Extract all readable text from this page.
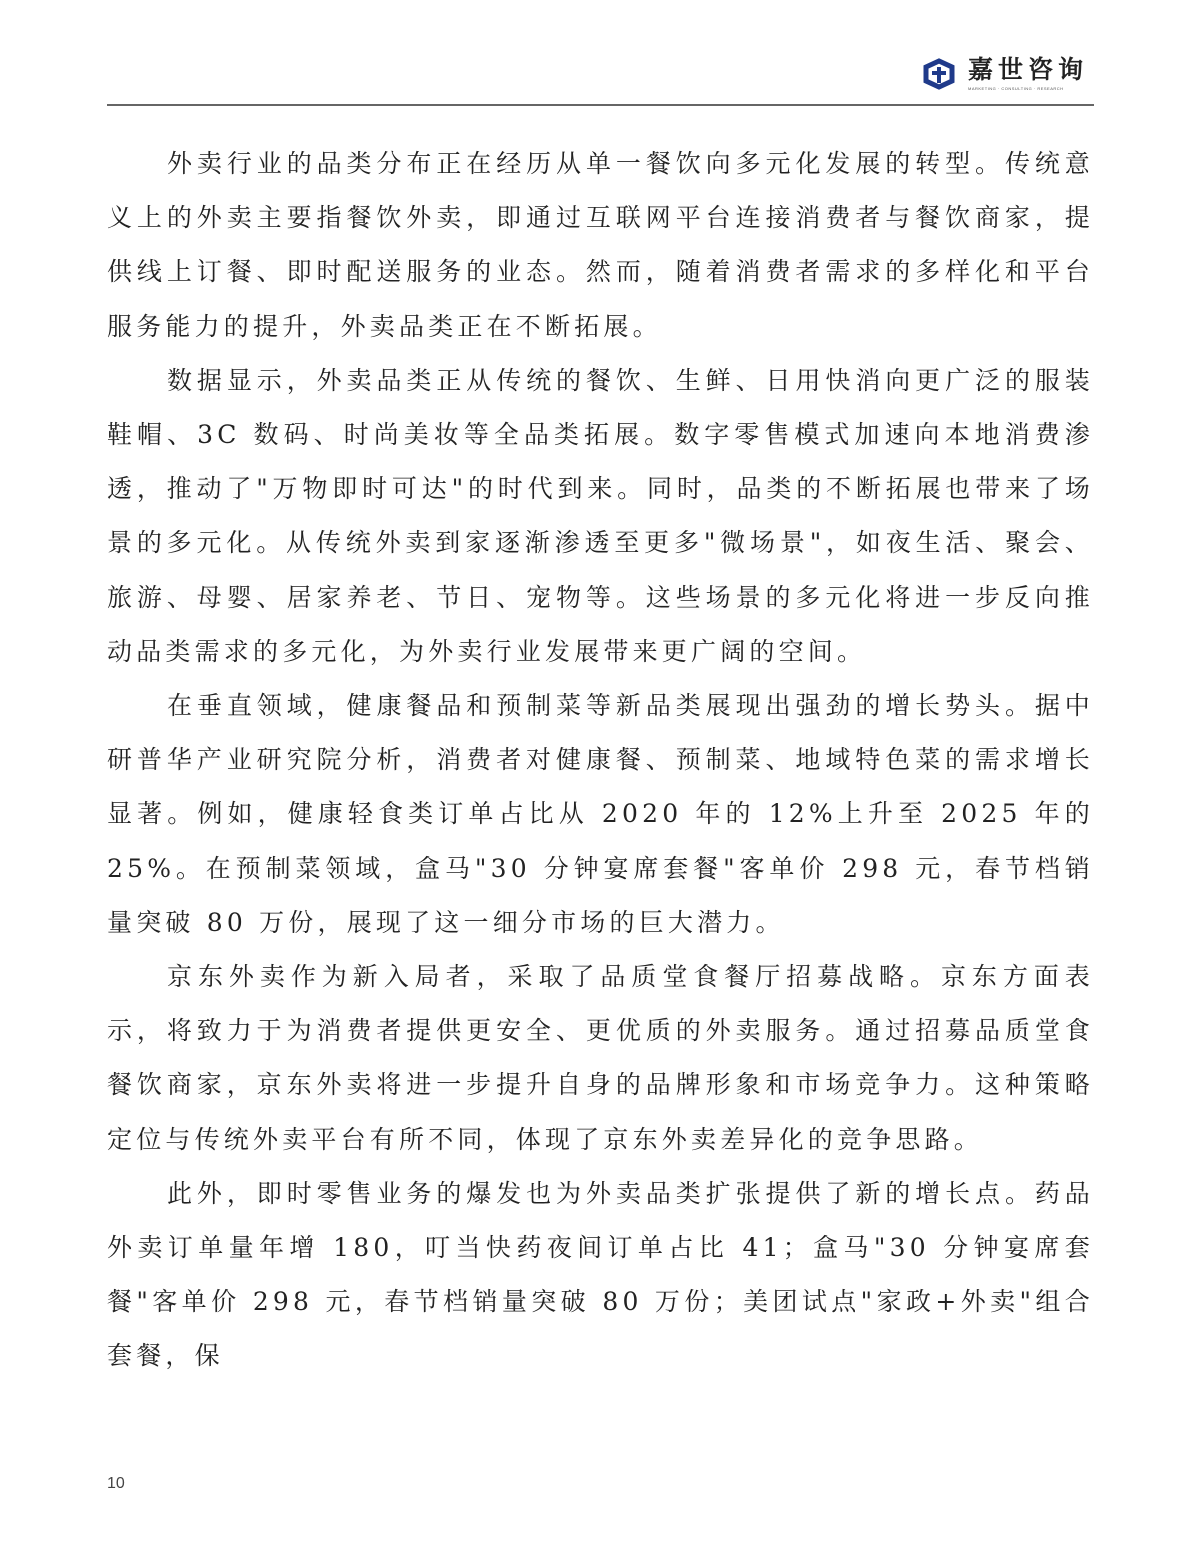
嘉世咨询
MARKETING · CONSULTING · RESEARCH

外卖行业的品类分布正在经历从单一餐饮向多元化发展的转型。传统意义上的外卖主要指餐饮外卖，即通过互联网平台连接消费者与餐饮商家，提供线上订餐、即时配送服务的业态。然而，随着消费者需求的多样化和平台服务能力的提升，外卖品类正在不断拓展。

数据显示，外卖品类正从传统的餐饮、生鲜、日用快消向更广泛的服装鞋帽、3C 数码、时尚美妆等全品类拓展。数字零售模式加速向本地消费渗透，推动了"万物即时可达"的时代到来。同时，品类的不断拓展也带来了场景的多元化。从传统外卖到家逐渐渗透至更多"微场景"，如夜生活、聚会、旅游、母婴、居家养老、节日、宠物等。这些场景的多元化将进一步反向推动品类需求的多元化，为外卖行业发展带来更广阔的空间。

在垂直领域，健康餐品和预制菜等新品类展现出强劲的增长势头。据中研普华产业研究院分析，消费者对健康餐、预制菜、地域特色菜的需求增长显著。例如，健康轻食类订单占比从 2020 年的 12%上升至 2025 年的 25%。在预制菜领域，盒马"30 分钟宴席套餐"客单价 298 元，春节档销量突破 80 万份，展现了这一细分市场的巨大潜力。

京东外卖作为新入局者，采取了品质堂食餐厅招募战略。京东方面表示，将致力于为消费者提供更安全、更优质的外卖服务。通过招募品质堂食餐饮商家，京东外卖将进一步提升自身的品牌形象和市场竞争力。这种策略定位与传统外卖平台有所不同，体现了京东外卖差异化的竞争思路。

此外，即时零售业务的爆发也为外卖品类扩张提供了新的增长点。药品外卖订单量年增 180，叮当快药夜间订单占比 41；盒马"30 分钟宴席套餐"客单价 298 元，春节档销量突破 80 万份；美团试点"家政+外卖"组合套餐，保

10
